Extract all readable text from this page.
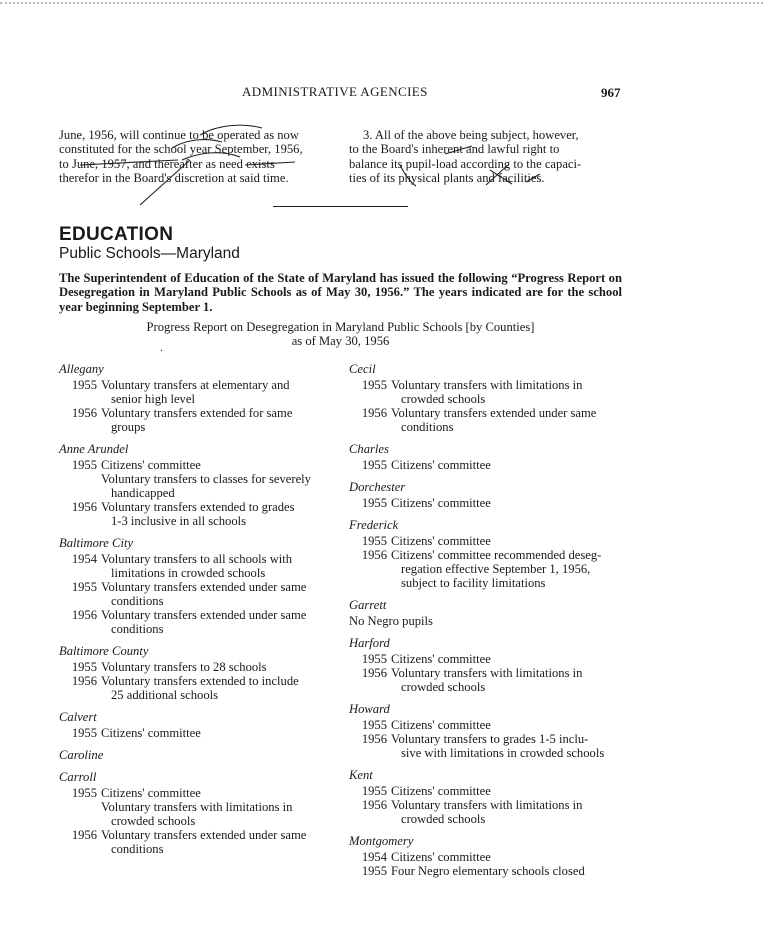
ADMINISTRATIVE AGENCIES	967
June, 1956, will continue to be operated as now
constituted for the school year September, 1956,
to June, 1957, and thereafter as need exists
therefor in the Board's discretion at said time.
3. All of the above being subject, however,
to the Board's inherent and lawful right to
balance its pupil-load according to the capaci-
ties of its physical plants and facilities.
EDUCATION
Public Schools—Maryland
The Superintendent of Education of the State of Maryland has issued the following “Progress Report on Desegregation in Maryland Public Schools as of May 30, 1956.” The years indicated are for the school year beginning September 1.
Progress Report on Desegregation in Maryland Public Schools [by Counties]
as of May 30, 1956
.
Allegany
1955 Voluntary transfers at elementary and
senior high level
1956 Voluntary transfers extended for same
groups
Anne Arundel
1955 Citizens' committee
Voluntary transfers to classes for severely
handicapped
1956 Voluntary transfers extended to grades
1-3 inclusive in all schools
Baltimore City
1954 Voluntary transfers to all schools with
limitations in crowded schools
1955 Voluntary transfers extended under same
conditions
1956 Voluntary transfers extended under same
conditions
Baltimore County
1955 Voluntary transfers to 28 schools
1956 Voluntary transfers extended to include
25 additional schools
Calvert
1955 Citizens' committee
Caroline
Carroll
1955 Citizens' committee
Voluntary transfers with limitations in
crowded schools
1956 Voluntary transfers extended under same
conditions
Cecil
1955 Voluntary transfers with limitations in
crowded schools
1956 Voluntary transfers extended under same
conditions
Charles
1955 Citizens' committee
Dorchester
1955 Citizens' committee
Frederick
1955 Citizens' committee
1956 Citizens' committee recommended deseg-
regation effective September 1, 1956,
subject to facility limitations
Garrett
No Negro pupils
Harford
1955 Citizens' committee
1956 Voluntary transfers with limitations in
crowded schools
Howard
1955 Citizens' committee
1956 Voluntary transfers to grades 1-5 inclu-
sive with limitations in crowded schools
Kent
1955 Citizens' committee
1956 Voluntary transfers with limitations in
crowded schools
Montgomery
1954 Citizens' committee
1955 Four Negro elementary schools closed
